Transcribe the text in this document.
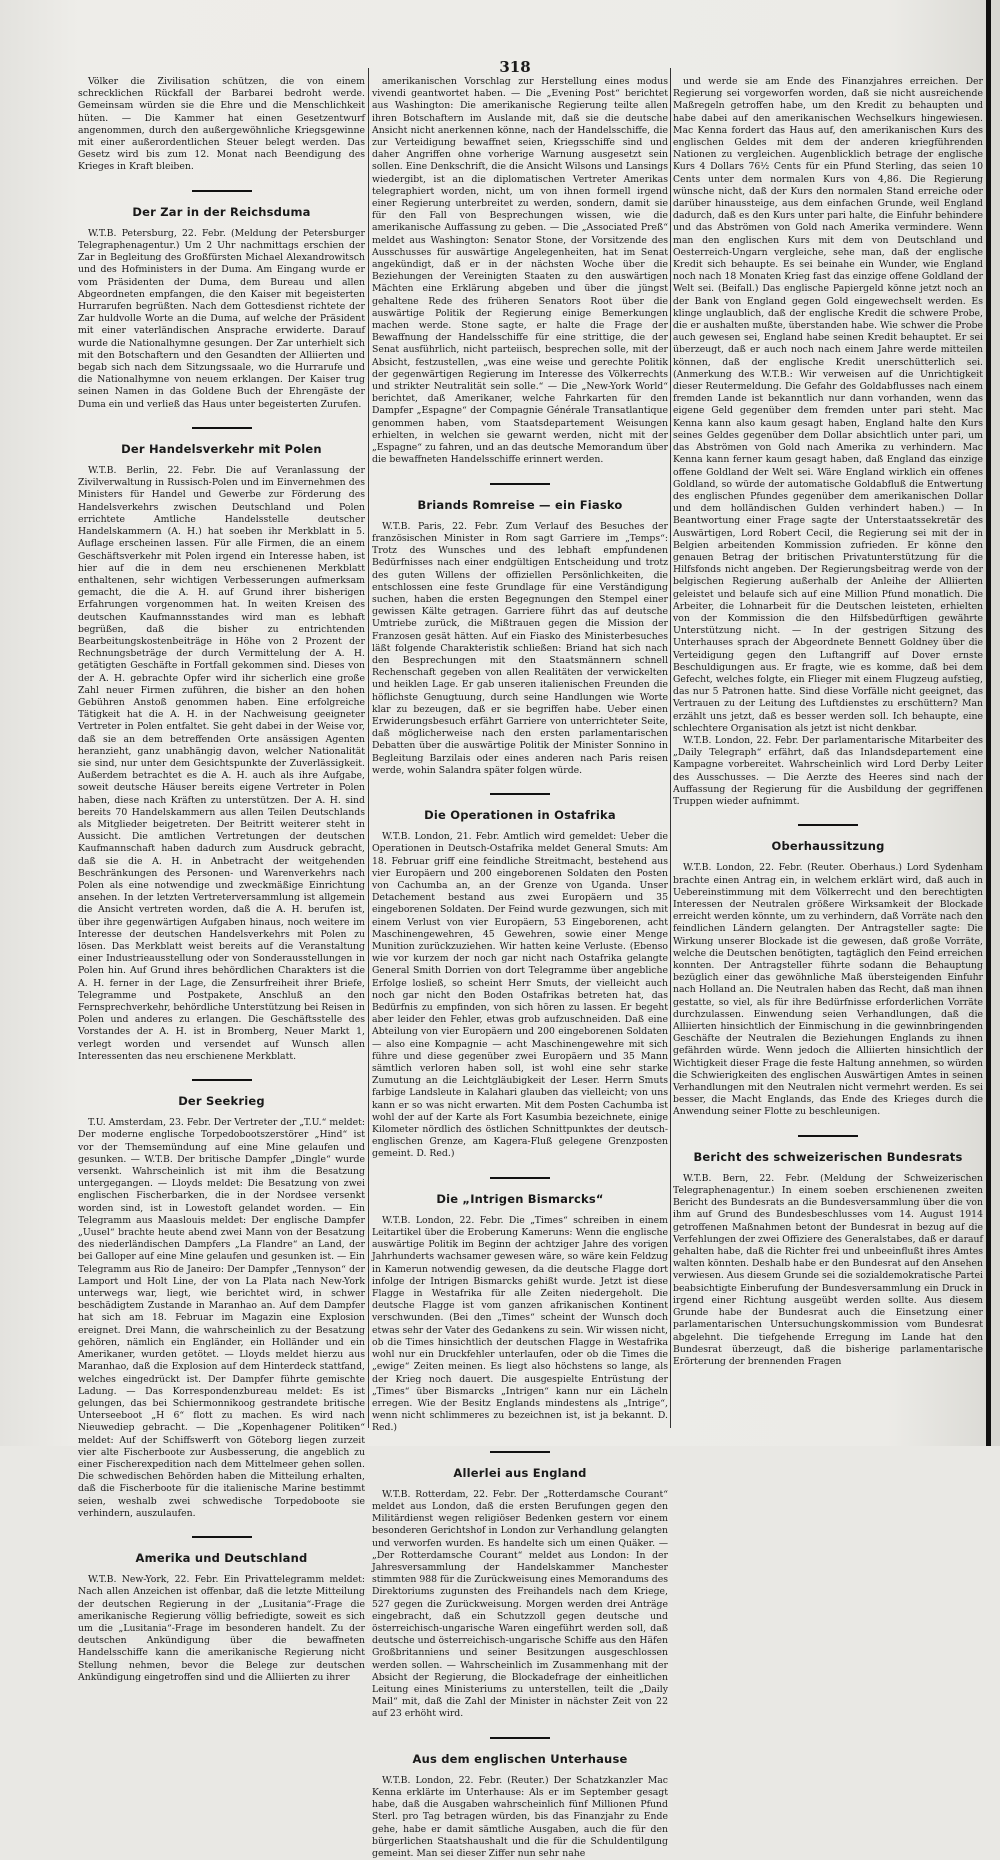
318

Völker die Zivilisation schützen, die von einem schrecklichen Rückfall der Barbarei bedroht werde. Gemeinsam würden sie die Ehre und die Menschlichkeit hüten. — Die Kammer hat einen Gesetzentwurf angenommen, durch den außergewöhnliche Kriegsgewinne mit einer außerordentlichen Steuer belegt werden. Das Gesetz wird bis zum 12. Monat nach Beendigung des Krieges in Kraft bleiben.

Der Zar in der Reichsduma

W.T.B. Petersburg, 22. Febr. (Meldung der Petersburger Telegraphenagentur.) Um 2 Uhr nachmittags erschien der Zar in Begleitung des Großfürsten Michael Alexandrowitsch und des Hofministers in der Duma. Am Eingang wurde er vom Präsidenten der Duma, dem Bureau und allen Abgeordneten empfangen, die den Kaiser mit begeisterten Hurrarufen begrüßten. Nach dem Gottesdienst richtete der Zar huldvolle Worte an die Duma, auf welche der Präsident mit einer vaterländischen Ansprache erwiderte. Darauf wurde die Nationalhymne gesungen. Der Zar unterhielt sich mit den Botschaftern und den Gesandten der Alliierten und begab sich nach dem Sitzungssaale, wo die Hurrarufe und die Nationalhymne von neuem erklangen. Der Kaiser trug seinen Namen in das Goldene Buch der Ehrengäste der Duma ein und verließ das Haus unter begeisterten Zurufen.

Der Handelsverkehr mit Polen

W.T.B. Berlin, 22. Febr. Die auf Veranlassung der Zivilverwaltung in Russisch-Polen und im Einvernehmen des Ministers für Handel und Gewerbe zur Förderung des Handelsverkehrs zwischen Deutschland und Polen errichtete Amtliche Handelsstelle deutscher Handelskammern (A. H.) hat soeben ihr Merkblatt in 5. Auflage erscheinen lassen. Für alle Firmen, die an einem Geschäftsverkehr mit Polen irgend ein Interesse haben, ist hier auf die in dem neu erschienenen Merkblatt enthaltenen, sehr wichtigen Verbesserungen aufmerksam gemacht, die die A. H. auf Grund ihrer bisherigen Erfahrungen vorgenommen hat. In weiten Kreisen des deutschen Kaufmannsstandes wird man es lebhaft begrüßen, daß die bisher zu entrichtenden Bearbeitungskostenbeiträge in Höhe von 2 Prozent der Rechnungsbeträge der durch Vermittelung der A. H. getätigten Geschäfte in Fortfall gekommen sind. Dieses von der A. H. gebrachte Opfer wird ihr sicherlich eine große Zahl neuer Firmen zuführen, die bisher an den hohen Gebühren Anstoß genommen haben. Eine erfolgreiche Tätigkeit hat die A. H. in der Nachweisung geeigneter Vertreter in Polen entfaltet. Sie geht dabei in der Weise vor, daß sie an dem betreffenden Orte ansässigen Agenten heranzieht, ganz unabhängig davon, welcher Nationalität sie sind, nur unter dem Gesichtspunkte der Zuverlässigkeit. Außerdem betrachtet es die A. H. auch als ihre Aufgabe, soweit deutsche Häuser bereits eigene Vertreter in Polen haben, diese nach Kräften zu unterstützen. Der A. H. sind bereits 70 Handelskammern aus allen Teilen Deutschlands als Mitglieder beigetreten. Der Beitritt weiterer steht in Aussicht. Die amtlichen Vertretungen der deutschen Kaufmannschaft haben dadurch zum Ausdruck gebracht, daß sie die A. H. in Anbetracht der weitgehenden Beschränkungen des Personen- und Warenverkehrs nach Polen als eine notwendige und zweckmäßige Einrichtung ansehen. In der letzten Vertreterversammlung ist allgemein die Ansicht vertreten worden, daß die A. H. berufen ist, über ihre gegenwärtigen Aufgaben hinaus, noch weitere im Interesse der deutschen Handelsverkehrs mit Polen zu lösen. Das Merkblatt weist bereits auf die Veranstaltung einer Industrieausstellung oder von Sonderausstellungen in Polen hin. Auf Grund ihres behördlichen Charakters ist die A. H. ferner in der Lage, die Zensurfreiheit ihrer Briefe, Telegramme und Postpakete, Anschluß an den Fernsprechverkehr, behördliche Unterstützung bei Reisen in Polen und anderes zu erlangen. Die Geschäftsstelle des Vorstandes der A. H. ist in Bromberg, Neuer Markt 1, verlegt worden und versendet auf Wunsch allen Interessenten das neu erschienene Merkblatt.

Der Seekrieg

T.U. Amsterdam, 23. Febr. Der Vertreter der „T.U.“ meldet: Der moderne englische Torpedobootszerstörer „Hind“ ist vor der Themsemündung auf eine Mine gelaufen und gesunken. — W.T.B. Der britische Dampfer „Dingle“ wurde versenkt. Wahrscheinlich ist mit ihm die Besatzung untergegangen. — Lloyds meldet: Die Besatzung von zwei englischen Fischerbarken, die in der Nordsee versenkt worden sind, ist in Lowestoft gelandet worden. — Ein Telegramm aus Maaslouis meldet: Der englische Dampfer „Uusel“ brachte heute abend zwei Mann von der Besatzung des niederländischen Dampfers „La Flandre“ an Land, der bei Galloper auf eine Mine gelaufen und gesunken ist. — Ein Telegramm aus Rio de Janeiro: Der Dampfer „Tennyson“ der Lamport und Holt Line, der von La Plata nach New-York unterwegs war, liegt, wie berichtet wird, in schwer beschädigtem Zustande in Maranhao an. Auf dem Dampfer hat sich am 18. Februar im Magazin eine Explosion ereignet. Drei Mann, die wahrscheinlich zu der Besatzung gehören, nämlich ein Engländer, ein Holländer und ein Amerikaner, wurden getötet. — Lloyds meldet hierzu aus Maranhao, daß die Explosion auf dem Hinterdeck stattfand, welches eingedrückt ist. Der Dampfer führte gemischte Ladung. — Das Korrespondenzbureau meldet: Es ist gelungen, das bei Schiermonnikoog gestrandete britische Unterseeboot „H 6“ flott zu machen. Es wird nach Nieuwediep gebracht. — Die „Kopenhagener Politiken“ meldet: Auf der Schiffswerft von Göteborg liegen zurzeit vier alte Fischerboote zur Ausbesserung, die angeblich zu einer Fischerexpedition nach dem Mittelmeer gehen sollen. Die schwedischen Behörden haben die Mitteilung erhalten, daß die Fischerboote für die italienische Marine bestimmt seien, weshalb zwei schwedische Torpedoboote sie verhindern, auszulaufen.

Amerika und Deutschland

W.T.B. New-York, 22. Febr. Ein Privattelegramm meldet: Nach allen Anzeichen ist offenbar, daß die letzte Mitteilung der deutschen Regierung in der „Lusitania“-Frage die amerikanische Regierung völlig befriedigte, soweit es sich um die „Lusitania“-Frage im besonderen handelt. Zu der deutschen Ankündigung über die bewaffneten Handelsschiffe kann die amerikanische Regierung nicht Stellung nehmen, bevor die Belege zur deutschen Ankündigung eingetroffen sind und die Alliierten zu ihrer

amerikanischen Vorschlag zur Herstellung eines modus vivendi geantwortet haben. — Die „Evening Post“ berichtet aus Washington: Die amerikanische Regierung teilte allen ihren Botschaftern im Auslande mit, daß sie die deutsche Ansicht nicht anerkennen könne, nach der Handelsschiffe, die zur Verteidigung bewaffnet seien, Kriegsschiffe sind und daher Angriffen ohne vorherige Warnung ausgesetzt sein sollen. Eine Denkschrift, die die Ansicht Wilsons und Lansings wiedergibt, ist an die diplomatischen Vertreter Amerikas telegraphiert worden, nicht, um von ihnen formell irgend einer Regierung unterbreitet zu werden, sondern, damit sie für den Fall von Besprechungen wissen, wie die amerikanische Auffassung zu geben. — Die „Associated Preß“ meldet aus Washington: Senator Stone, der Vorsitzende des Ausschusses für auswärtige Angelegenheiten, hat im Senat angekündigt, daß er in der nächsten Woche über die Beziehungen der Vereinigten Staaten zu den auswärtigen Mächten eine Erklärung abgeben und über die jüngst gehaltene Rede des früheren Senators Root über die auswärtige Politik der Regierung einige Bemerkungen machen werde. Stone sagte, er halte die Frage der Bewaffnung der Handelsschiffe für eine strittige, die der Senat ausführlich, nicht parteiisch, besprechen solle, mit der Absicht, festzustellen, „was eine weise und gerechte Politik der gegenwärtigen Regierung im Interesse des Völkerrechts und strikter Neutralität sein solle.“ — Die „New-York World“ berichtet, daß Amerikaner, welche Fahrkarten für den Dampfer „Espagne“ der Compagnie Générale Transatlantique genommen haben, vom Staatsdepartement Weisungen erhielten, in welchen sie gewarnt werden, nicht mit der „Espagne“ zu fahren, und an das deutsche Memorandum über die bewaffneten Handelsschiffe erinnert werden.

Briands Romreise — ein Fiasko

W.T.B. Paris, 22. Febr. Zum Verlauf des Besuches der französischen Minister in Rom sagt Garriere im „Temps“: Trotz des Wunsches und des lebhaft empfundenen Bedürfnisses nach einer endgültigen Entscheidung und trotz des guten Willens der offiziellen Persönlichkeiten, die entschlossen eine feste Grundlage für eine Verständigung suchen, haben die ersten Begegnungen den Stempel einer gewissen Kälte getragen. Garriere führt das auf deutsche Umtriebe zurück, die Mißtrauen gegen die Mission der Franzosen gesät hätten. Auf ein Fiasko des Ministerbesuches läßt folgende Charakteristik schließen: Briand hat sich nach den Besprechungen mit den Staatsmännern schnell Rechenschaft gegeben von allen Realitäten der verwickelten und heiklen Lage. Er gab unseren italienischen Freunden die höflichste Genugtuung, durch seine Handlungen wie Worte klar zu bezeugen, daß er sie begriffen habe. Ueber einen Erwiderungsbesuch erfährt Garriere von unterrichteter Seite, daß möglicherweise nach den ersten parlamentarischen Debatten über die auswärtige Politik der Minister Sonnino in Begleitung Barzilais oder eines anderen nach Paris reisen werde, wohin Salandra später folgen würde.

Die Operationen in Ostafrika

W.T.B. London, 21. Febr. Amtlich wird gemeldet: Ueber die Operationen in Deutsch-Ostafrika meldet General Smuts: Am 18. Februar griff eine feindliche Streitmacht, bestehend aus vier Europäern und 200 eingeborenen Soldaten den Posten von Cachumba an, an der Grenze von Uganda. Unser Detachement bestand aus zwei Europäern und 35 eingeborenen Soldaten. Der Feind wurde gezwungen, sich mit einem Verlust von vier Europäern, 53 Eingeborenen, acht Maschinengewehren, 45 Gewehren, sowie einer Menge Munition zurückzuziehen. Wir hatten keine Verluste. (Ebenso wie vor kurzem der noch gar nicht nach Ostafrika gelangte General Smith Dorrien von dort Telegramme über angebliche Erfolge losließ, so scheint Herr Smuts, der vielleicht auch noch gar nicht den Boden Ostafrikas betreten hat, das Bedürfnis zu empfinden, von sich hören zu lassen. Er begeht aber leider den Fehler, etwas grob aufzuschneiden. Daß eine Abteilung von vier Europäern und 200 eingeborenen Soldaten — also eine Kompagnie — acht Maschinengewehre mit sich führe und diese gegenüber zwei Europäern und 35 Mann sämtlich verloren haben soll, ist wohl eine sehr starke Zumutung an die Leichtgläubigkeit der Leser. Herrn Smuts farbige Landsleute in Kalahari glauben das vielleicht; von uns kann er so was nicht erwarten. Mit dem Posten Cachumba ist wohl der auf der Karte als Fort Kasumbia bezeichnete, einige Kilometer nördlich des östlichen Schnittpunktes der deutsch-englischen Grenze, am Kagera-Fluß gelegene Grenzposten gemeint. D. Red.)

Die „Intrigen Bismarcks“

W.T.B. London, 22. Febr. Die „Times“ schreiben in einem Leitartikel über die Eroberung Kameruns: Wenn die englische auswärtige Politik im Beginn der achtziger Jahre des vorigen Jahrhunderts wachsamer gewesen wäre, so wäre kein Feldzug in Kamerun notwendig gewesen, da die deutsche Flagge dort infolge der Intrigen Bismarcks gehißt wurde. Jetzt ist diese Flagge in Westafrika für alle Zeiten niedergeholt. Die deutsche Flagge ist vom ganzen afrikanischen Kontinent verschwunden. (Bei den „Times“ scheint der Wunsch doch etwas sehr der Vater des Gedankens zu sein. Wir wissen nicht, ob die Times hinsichtlich der deutschen Flagge in Westafrika wohl nur ein Druckfehler unterlaufen, oder ob die Times die „ewige“ Zeiten meinen. Es liegt also höchstens so lange, als der Krieg noch dauert. Die ausgespielte Entrüstung der „Times“ über Bismarcks „Intrigen“ kann nur ein Lächeln erregen. Wie der Besitz Englands mindestens als „Intrige“, wenn nicht schlimmeres zu bezeichnen ist, ist ja bekannt. D. Red.)

Allerlei aus England

W.T.B. Rotterdam, 22. Febr. Der „Rotterdamsche Courant“ meldet aus London, daß die ersten Berufungen gegen den Militärdienst wegen religiöser Bedenken gestern vor einem besonderen Gerichtshof in London zur Verhandlung gelangten und verworfen wurden. Es handelte sich um einen Quäker. — „Der Rotterdamsche Courant“ meldet aus London: In der Jahresversammlung der Handelskammer Manchester stimmten 988 für die Zurückweisung eines Memorandums des Direktoriums zugunsten des Freihandels nach dem Kriege, 527 gegen die Zurückweisung. Morgen werden drei Anträge eingebracht, daß ein Schutzzoll gegen deutsche und österreichisch-ungarische Waren eingeführt werden soll, daß deutsche und österreichisch-ungarische Schiffe aus den Häfen Großbritanniens und seiner Besitzungen ausgeschlossen werden sollen. — Wahrscheinlich im Zusammenhang mit der Absicht der Regierung, die Blockadefrage der einheitlichen Leitung eines Ministeriums zu unterstellen, teilt die „Daily Mail“ mit, daß die Zahl der Minister in nächster Zeit von 22 auf 23 erhöht wird.

Aus dem englischen Unterhause

W.T.B. London, 22. Febr. (Reuter.) Der Schatzkanzler Mac Kenna erklärte im Unterhause: Als er im September gesagt habe, daß die Ausgaben wahrscheinlich fünf Millionen Pfund Sterl. pro Tag betragen würden, bis das Finanzjahr zu Ende gehe, habe er damit sämtliche Ausgaben, auch die für den bürgerlichen Staatshaushalt und die für die Schuldentilgung gemeint. Man sei dieser Ziffer nun sehr nahe

und werde sie am Ende des Finanzjahres erreichen. Der Regierung sei vorgeworfen worden, daß sie nicht ausreichende Maßregeln getroffen habe, um den Kredit zu behaupten und habe dabei auf den amerikanischen Wechselkurs hingewiesen. Mac Kenna fordert das Haus auf, den amerikanischen Kurs des englischen Geldes mit dem der anderen kriegführenden Nationen zu vergleichen. Augenblicklich betrage der englische Kurs 4 Dollars 76½ Cents für ein Pfund Sterling, das seien 10 Cents unter dem normalen Kurs von 4,86. Die Regierung wünsche nicht, daß der Kurs den normalen Stand erreiche oder darüber hinaussteige, aus dem einfachen Grunde, weil England dadurch, daß es den Kurs unter pari halte, die Einfuhr behindere und das Abströmen von Gold nach Amerika vermindere. Wenn man den englischen Kurs mit dem von Deutschland und Oesterreich-Ungarn vergleiche, sehe man, daß der englische Kredit sich behaupte. Es sei beinahe ein Wunder, wie England noch nach 18 Monaten Krieg fast das einzige offene Goldland der Welt sei. (Beifall.) Das englische Papiergeld könne jetzt noch an der Bank von England gegen Gold eingewechselt werden. Es klinge unglaublich, daß der englische Kredit die schwere Probe, die er aushalten mußte, überstanden habe. Wie schwer die Probe auch gewesen sei, England habe seinen Kredit behauptet. Er sei überzeugt, daß er auch noch nach einem Jahre werde mitteilen können, daß der englische Kredit unerschütterlich sei. (Anmerkung des W.T.B.: Wir verweisen auf die Unrichtigkeit dieser Reutermeldung. Die Gefahr des Goldabflusses nach einem fremden Lande ist bekanntlich nur dann vorhanden, wenn das eigene Geld gegenüber dem fremden unter pari steht. Mac Kenna kann also kaum gesagt haben, England halte den Kurs seines Geldes gegenüber dem Dollar absichtlich unter pari, um das Abströmen von Gold nach Amerika zu verhindern. Mac Kenna kann ferner kaum gesagt haben, daß England das einzige offene Goldland der Welt sei. Wäre England wirklich ein offenes Goldland, so würde der automatische Goldabfluß die Entwertung des englischen Pfundes gegenüber dem amerikanischen Dollar und dem holländischen Gulden verhindert haben.) — In Beantwortung einer Frage sagte der Unterstaatssekretär des Auswärtigen, Lord Robert Cecil, die Regierung sei mit der in Belgien arbeitenden Kommission zufrieden. Er könne den genauen Betrag der britischen Privatunterstützung für die Hilfsfonds nicht angeben. Der Regierungsbeitrag werde von der belgischen Regierung außerhalb der Anleihe der Alliierten geleistet und belaufe sich auf eine Million Pfund monatlich. Die Arbeiter, die Lohnarbeit für die Deutschen leisteten, erhielten von der Kommission die den Hilfsbedürftigen gewährte Unterstützung nicht. — In der gestrigen Sitzung des Unterhauses sprach der Abgeordnete Bennett Goldney über die Verteidigung gegen den Luftangriff auf Dover ernste Beschuldigungen aus. Er fragte, wie es komme, daß bei dem Gefecht, welches folgte, ein Flieger mit einem Flugzeug aufstieg, das nur 5 Patronen hatte. Sind diese Vorfälle nicht geeignet, das Vertrauen zu der Leitung des Luftdienstes zu erschüttern? Man erzählt uns jetzt, daß es besser werden soll. Ich behaupte, eine schlechtere Organisation als jetzt ist nicht denkbar.

W.T.B. London, 22. Febr. Der parlamentarische Mitarbeiter des „Daily Telegraph“ erfährt, daß das Inlandsdepartement eine Kampagne vorbereitet. Wahrscheinlich wird Lord Derby Leiter des Ausschusses. — Die Aerzte des Heeres sind nach der Auffassung der Regierung für die Ausbildung der gegriffenen Truppen wieder aufnimmt.

Oberhaussitzung

W.T.B. London, 22. Febr. (Reuter. Oberhaus.) Lord Sydenham brachte einen Antrag ein, in welchem erklärt wird, daß auch in Uebereinstimmung mit dem Völkerrecht und den berechtigten Interessen der Neutralen größere Wirksamkeit der Blockade erreicht werden könnte, um zu verhindern, daß Vorräte nach den feindlichen Ländern gelangten. Der Antragsteller sagte: Die Wirkung unserer Blockade ist die gewesen, daß große Vorräte, welche die Deutschen benötigten, tagtäglich den Feind erreichen konnten. Der Antragsteller führte sodann die Behauptung bezüglich einer das gewöhnliche Maß übersteigenden Einfuhr nach Holland an. Die Neutralen haben das Recht, daß man ihnen gestatte, so viel, als für ihre Bedürfnisse erforderlichen Vorräte durchzulassen. Einwendung seien Verhandlungen, daß die Alliierten hinsichtlich der Einmischung in die gewinnbringenden Geschäfte der Neutralen die Beziehungen Englands zu ihnen gefährden würde. Wenn jedoch die Alliierten hinsichtlich der Wichtigkeit dieser Frage die feste Haltung annehmen, so würden die Schwierigkeiten des englischen Auswärtigen Amtes in seinen Verhandlungen mit den Neutralen nicht vermehrt werden. Es sei besser, die Macht Englands, das Ende des Krieges durch die Anwendung seiner Flotte zu beschleunigen.

Bericht des schweizerischen Bundesrats

W.T.B. Bern, 22. Febr. (Meldung der Schweizerischen Telegraphenagentur.) In einem soeben erschienenen zweiten Bericht des Bundesrats an die Bundesversammlung über die von ihm auf Grund des Bundesbeschlusses vom 14. August 1914 getroffenen Maßnahmen betont der Bundesrat in bezug auf die Verfehlungen der zwei Offiziere des Generalstabes, daß er darauf gehalten habe, daß die Richter frei und unbeeinflußt ihres Amtes walten könnten. Deshalb habe er den Bundesrat auf den Ansehen verwiesen. Aus diesem Grunde sei die sozialdemokratische Partei beabsichtigte Einberufung der Bundesversammlung ein Druck in irgend einer Richtung ausgeübt werden sollte. Aus diesem Grunde habe der Bundesrat auch die Einsetzung einer parlamentarischen Untersuchungskommission vom Bundesrat abgelehnt. Die tiefgehende Erregung im Lande hat den Bundesrat überzeugt, daß die bisherige parlamentarische Erörterung der brennenden Fragen
